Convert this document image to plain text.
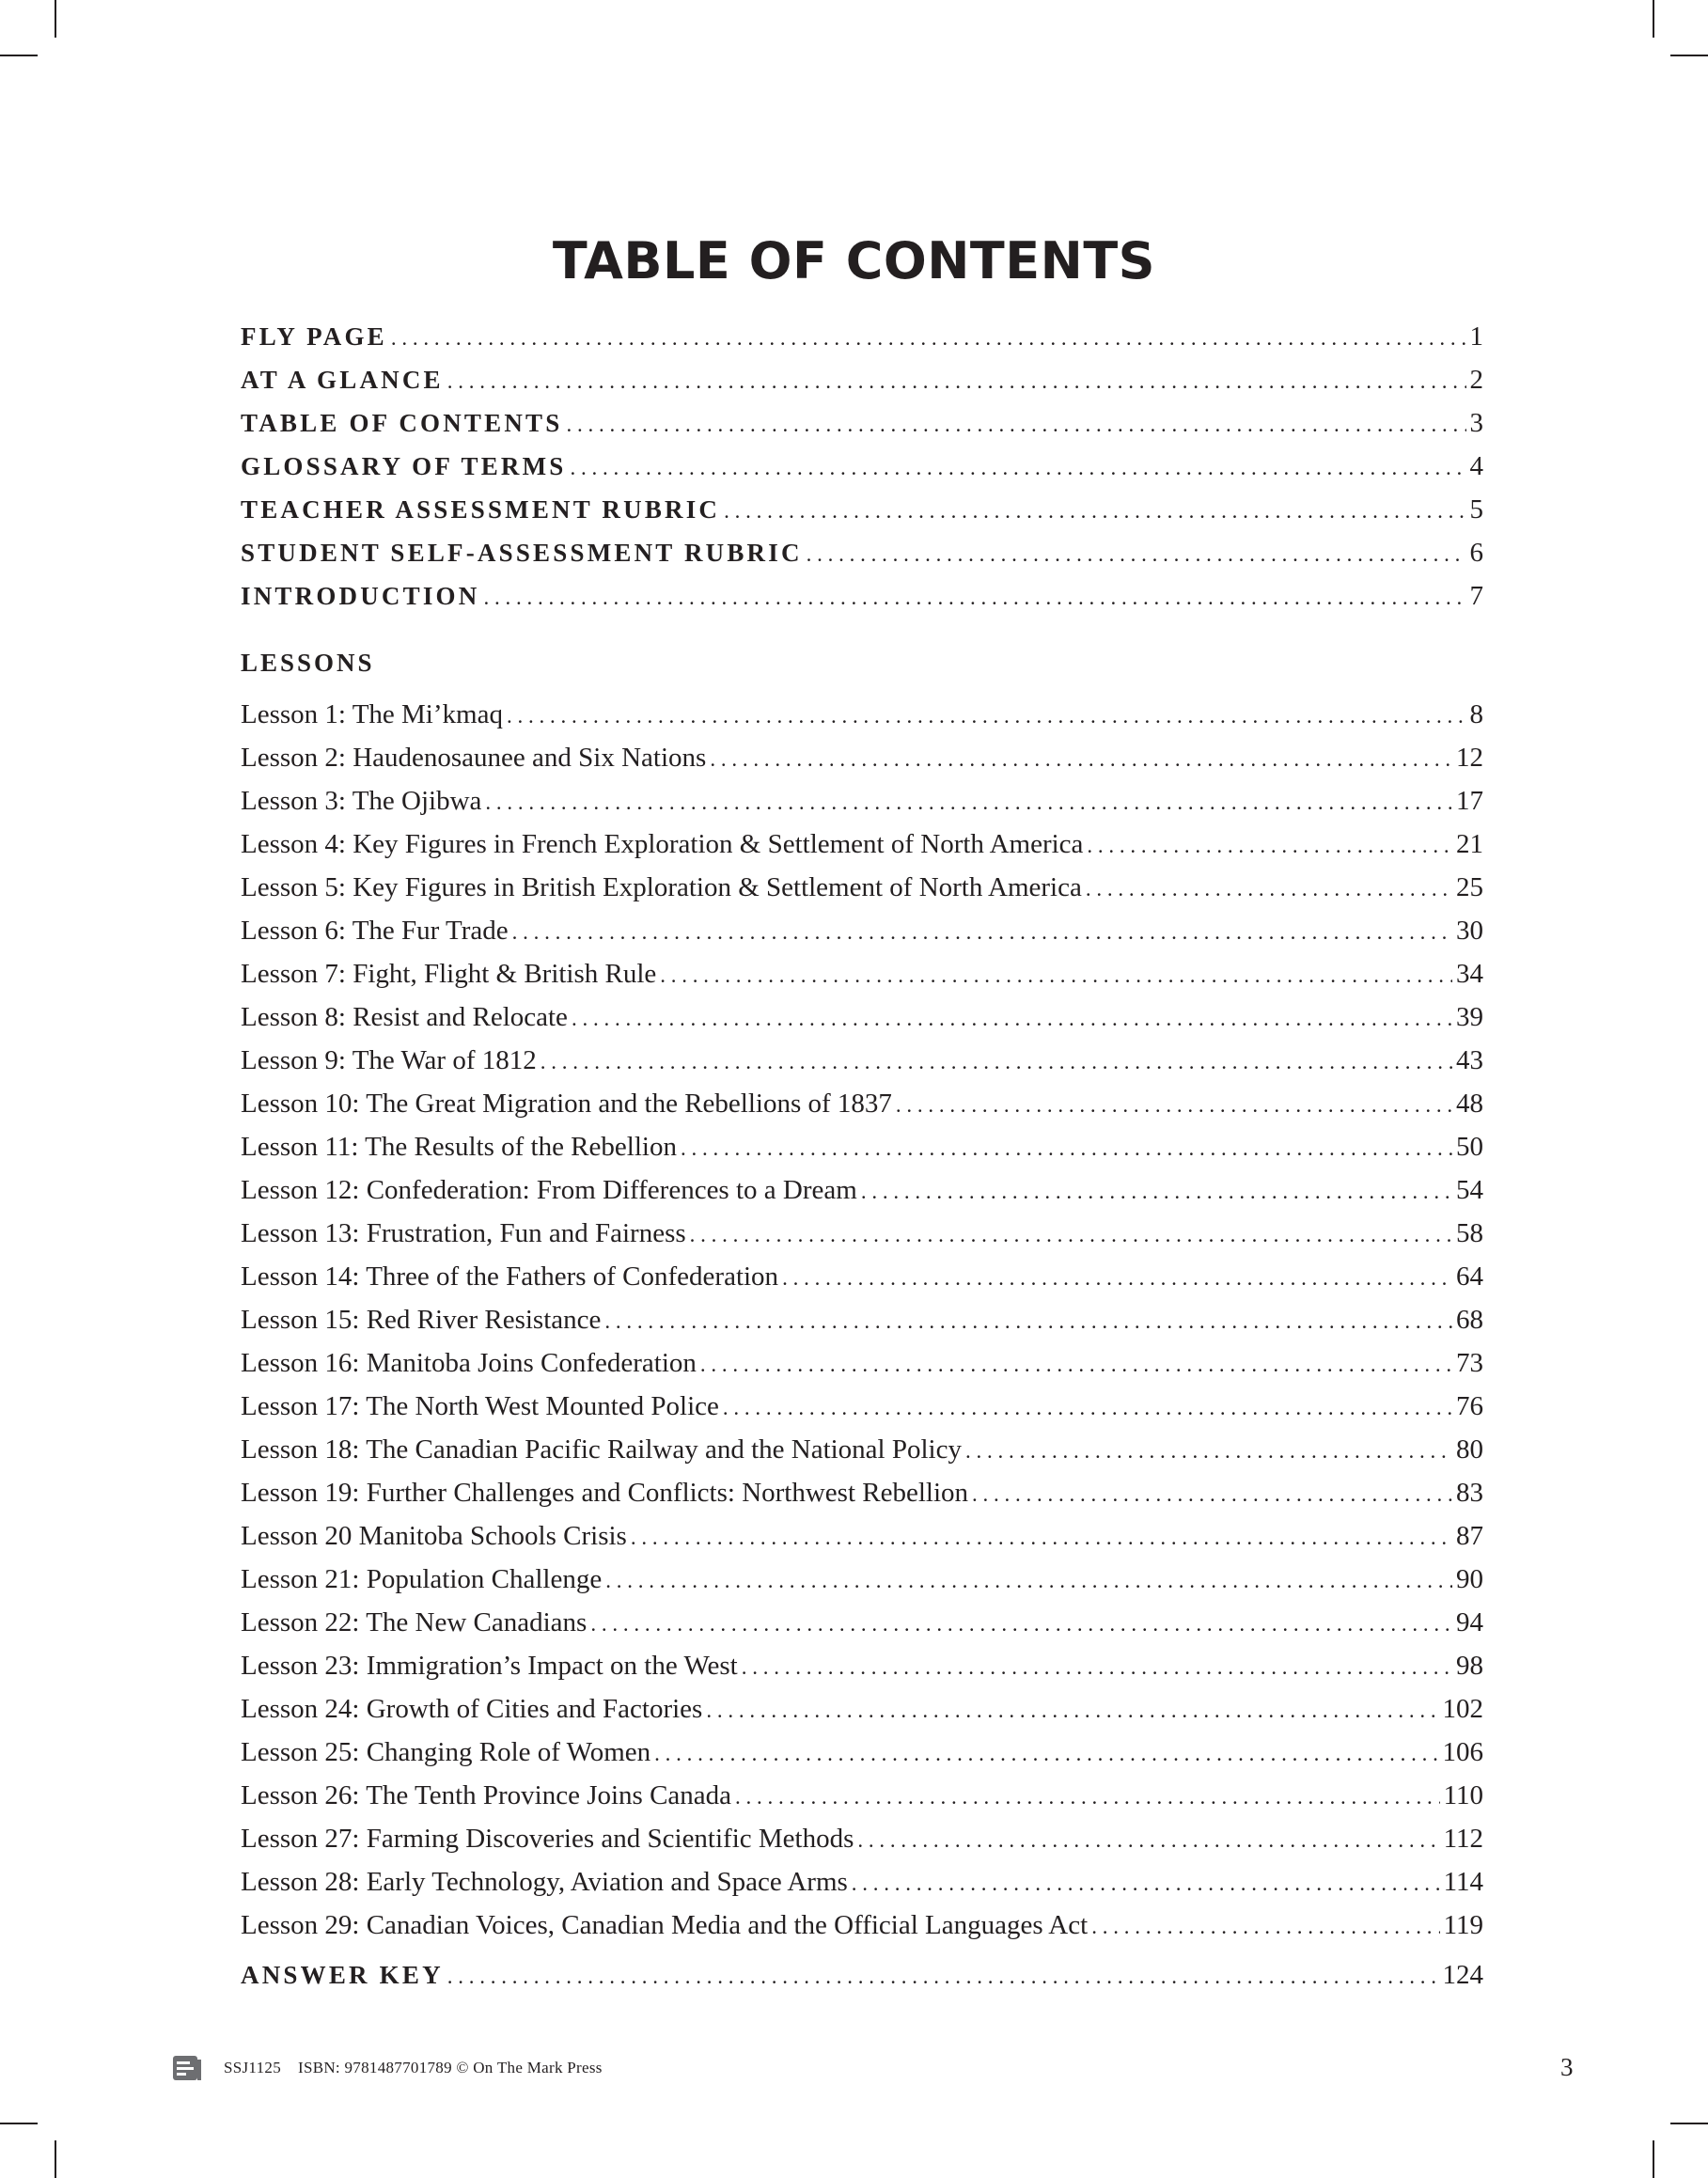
TABLE OF CONTENTS
FLY PAGE . . .	1
AT A GLANCE . . .	2
TABLE OF CONTENTS . . .	3
GLOSSARY OF TERMS . . .	4
TEACHER ASSESSMENT RUBRIC . . .	5
STUDENT SELF-ASSESSMENT RUBRIC . . .	6
INTRODUCTION . . .	7
LESSONS
Lesson 1: The Mi’kmaq . . .	8
Lesson 2: Haudenosaunee and Six Nations . . .	12
Lesson 3: The Ojibwa . . .	17
Lesson 4: Key Figures in French Exploration & Settlement of North America . . .	21
Lesson 5: Key Figures in British Exploration & Settlement of North America . . .	25
Lesson 6: The Fur Trade . . .	30
Lesson 7: Fight, Flight & British Rule . . .	34
Lesson 8: Resist and Relocate . . .	39
Lesson 9: The War of 1812 . . .	43
Lesson 10: The Great Migration and the Rebellions of 1837 . . .	48
Lesson 11: The Results of the Rebellion . . .	50
Lesson 12: Confederation: From Differences to a Dream . . .	54
Lesson 13: Frustration, Fun and Fairness . . .	58
Lesson 14: Three of the Fathers of Confederation . . .	64
Lesson 15: Red River Resistance . . .	68
Lesson 16: Manitoba Joins Confederation . . .	73
Lesson 17: The North West Mounted Police . . .	76
Lesson 18: The Canadian Pacific Railway and the National Policy . . .	80
Lesson 19: Further Challenges and Conflicts: Northwest Rebellion . . .	83
Lesson 20 Manitoba Schools Crisis . . .	87
Lesson 21: Population Challenge . . .	90
Lesson 22: The New Canadians . . .	94
Lesson 23: Immigration’s Impact on the West . . .	98
Lesson 24: Growth of Cities and Factories . . .	102
Lesson 25: Changing Role of Women . . .	106
Lesson 26: The Tenth Province Joins Canada . . .	110
Lesson 27: Farming Discoveries and Scientific Methods . . .	112
Lesson 28: Early Technology, Aviation and Space Arms . . .	114
Lesson 29: Canadian Voices, Canadian Media and the Official Languages Act . . .	119
ANSWER KEY . . .	124
SSJ1125 ISBN: 9781487701789 © On The Mark Press	3
